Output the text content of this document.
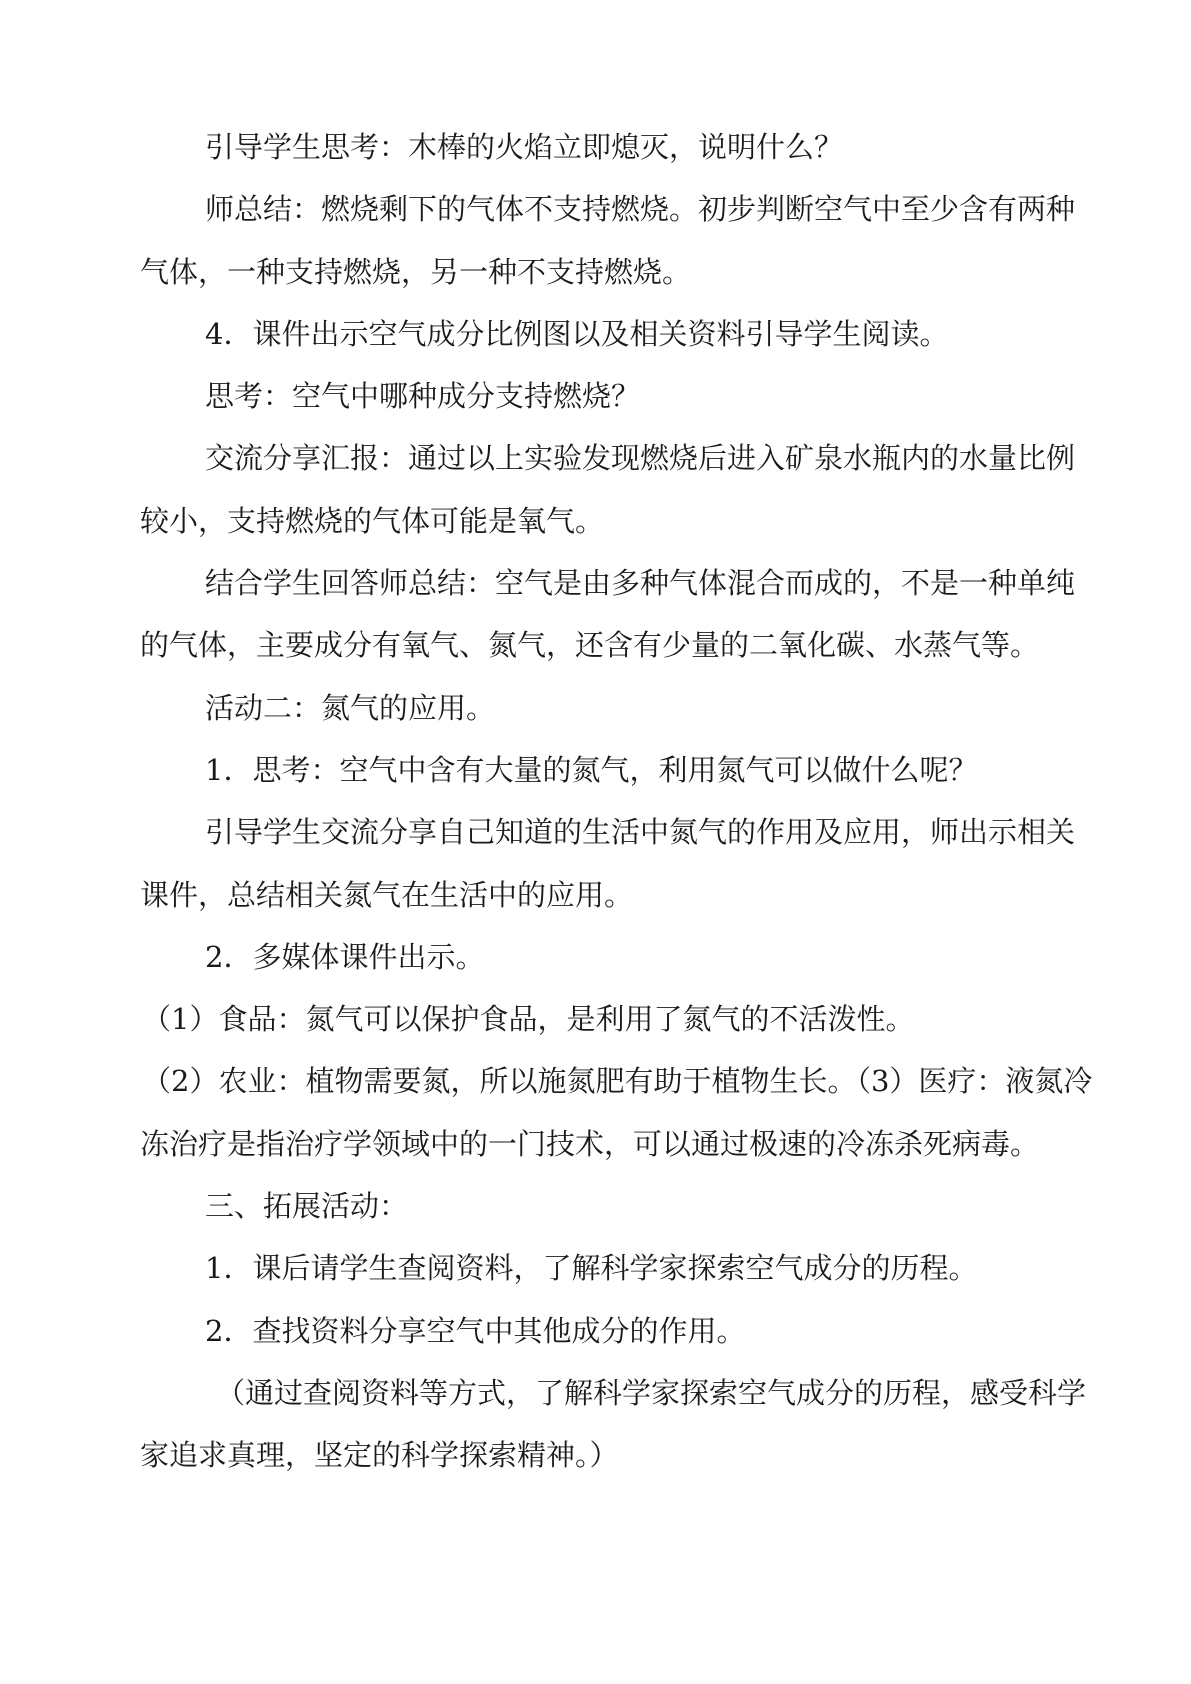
引导学生思考：木棒的火焰立即熄灭，说明什么？

师总结：燃烧剩下的气体不支持燃烧。初步判断空气中至少含有两种

气体，一种支持燃烧，另一种不支持燃烧。

4．课件出示空气成分比例图以及相关资料引导学生阅读。

思考：空气中哪种成分支持燃烧？

交流分享汇报：通过以上实验发现燃烧后进入矿泉水瓶内的水量比例

较小，支持燃烧的气体可能是氧气。

结合学生回答师总结：空气是由多种气体混合而成的，不是一种单纯

的气体，主要成分有氧气、氮气，还含有少量的二氧化碳、水蒸气等。

活动二：氮气的应用。

1．思考：空气中含有大量的氮气，利用氮气可以做什么呢？

引导学生交流分享自己知道的生活中氮气的作用及应用，师出示相关

课件，总结相关氮气在生活中的应用。

2．多媒体课件出示。

（1）食品：氮气可以保护食品，是利用了氮气的不活泼性。

（2）农业：植物需要氮，所以施氮肥有助于植物生长。（3）医疗：液氮冷

冻治疗是指治疗学领域中的一门技术，可以通过极速的冷冻杀死病毒。

三、拓展活动：

1．课后请学生查阅资料，了解科学家探索空气成分的历程。

2．查找资料分享空气中其他成分的作用。

（通过查阅资料等方式，了解科学家探索空气成分的历程，感受科学

家追求真理，坚定的科学探索精神。）
